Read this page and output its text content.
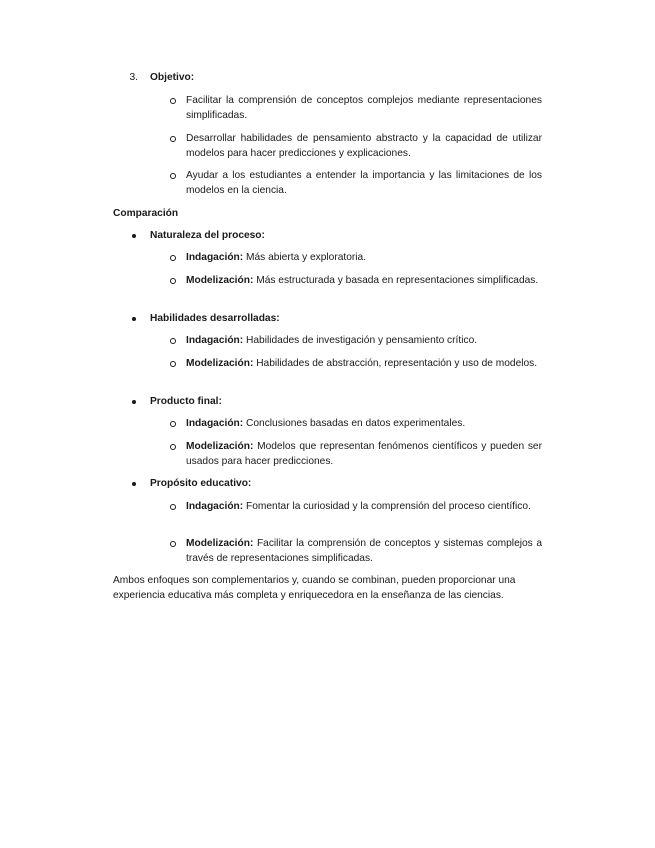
3. Objetivo:
Facilitar la comprensión de conceptos complejos mediante representaciones simplificadas.
Desarrollar habilidades de pensamiento abstracto y la capacidad de utilizar modelos para hacer predicciones y explicaciones.
Ayudar a los estudiantes a entender la importancia y las limitaciones de los modelos en la ciencia.
Comparación
Naturaleza del proceso:
Indagación: Más abierta y exploratoria.
Modelización: Más estructurada y basada en representaciones simplificadas.
Habilidades desarrolladas:
Indagación: Habilidades de investigación y pensamiento crítico.
Modelización: Habilidades de abstracción, representación y uso de modelos.
Producto final:
Indagación: Conclusiones basadas en datos experimentales.
Modelización: Modelos que representan fenómenos científicos y pueden ser usados para hacer predicciones.
Propósito educativo:
Indagación: Fomentar la curiosidad y la comprensión del proceso científico.
Modelización: Facilitar la comprensión de conceptos y sistemas complejos a través de representaciones simplificadas.
Ambos enfoques son complementarios y, cuando se combinan, pueden proporcionar una experiencia educativa más completa y enriquecedora en la enseñanza de las ciencias.
